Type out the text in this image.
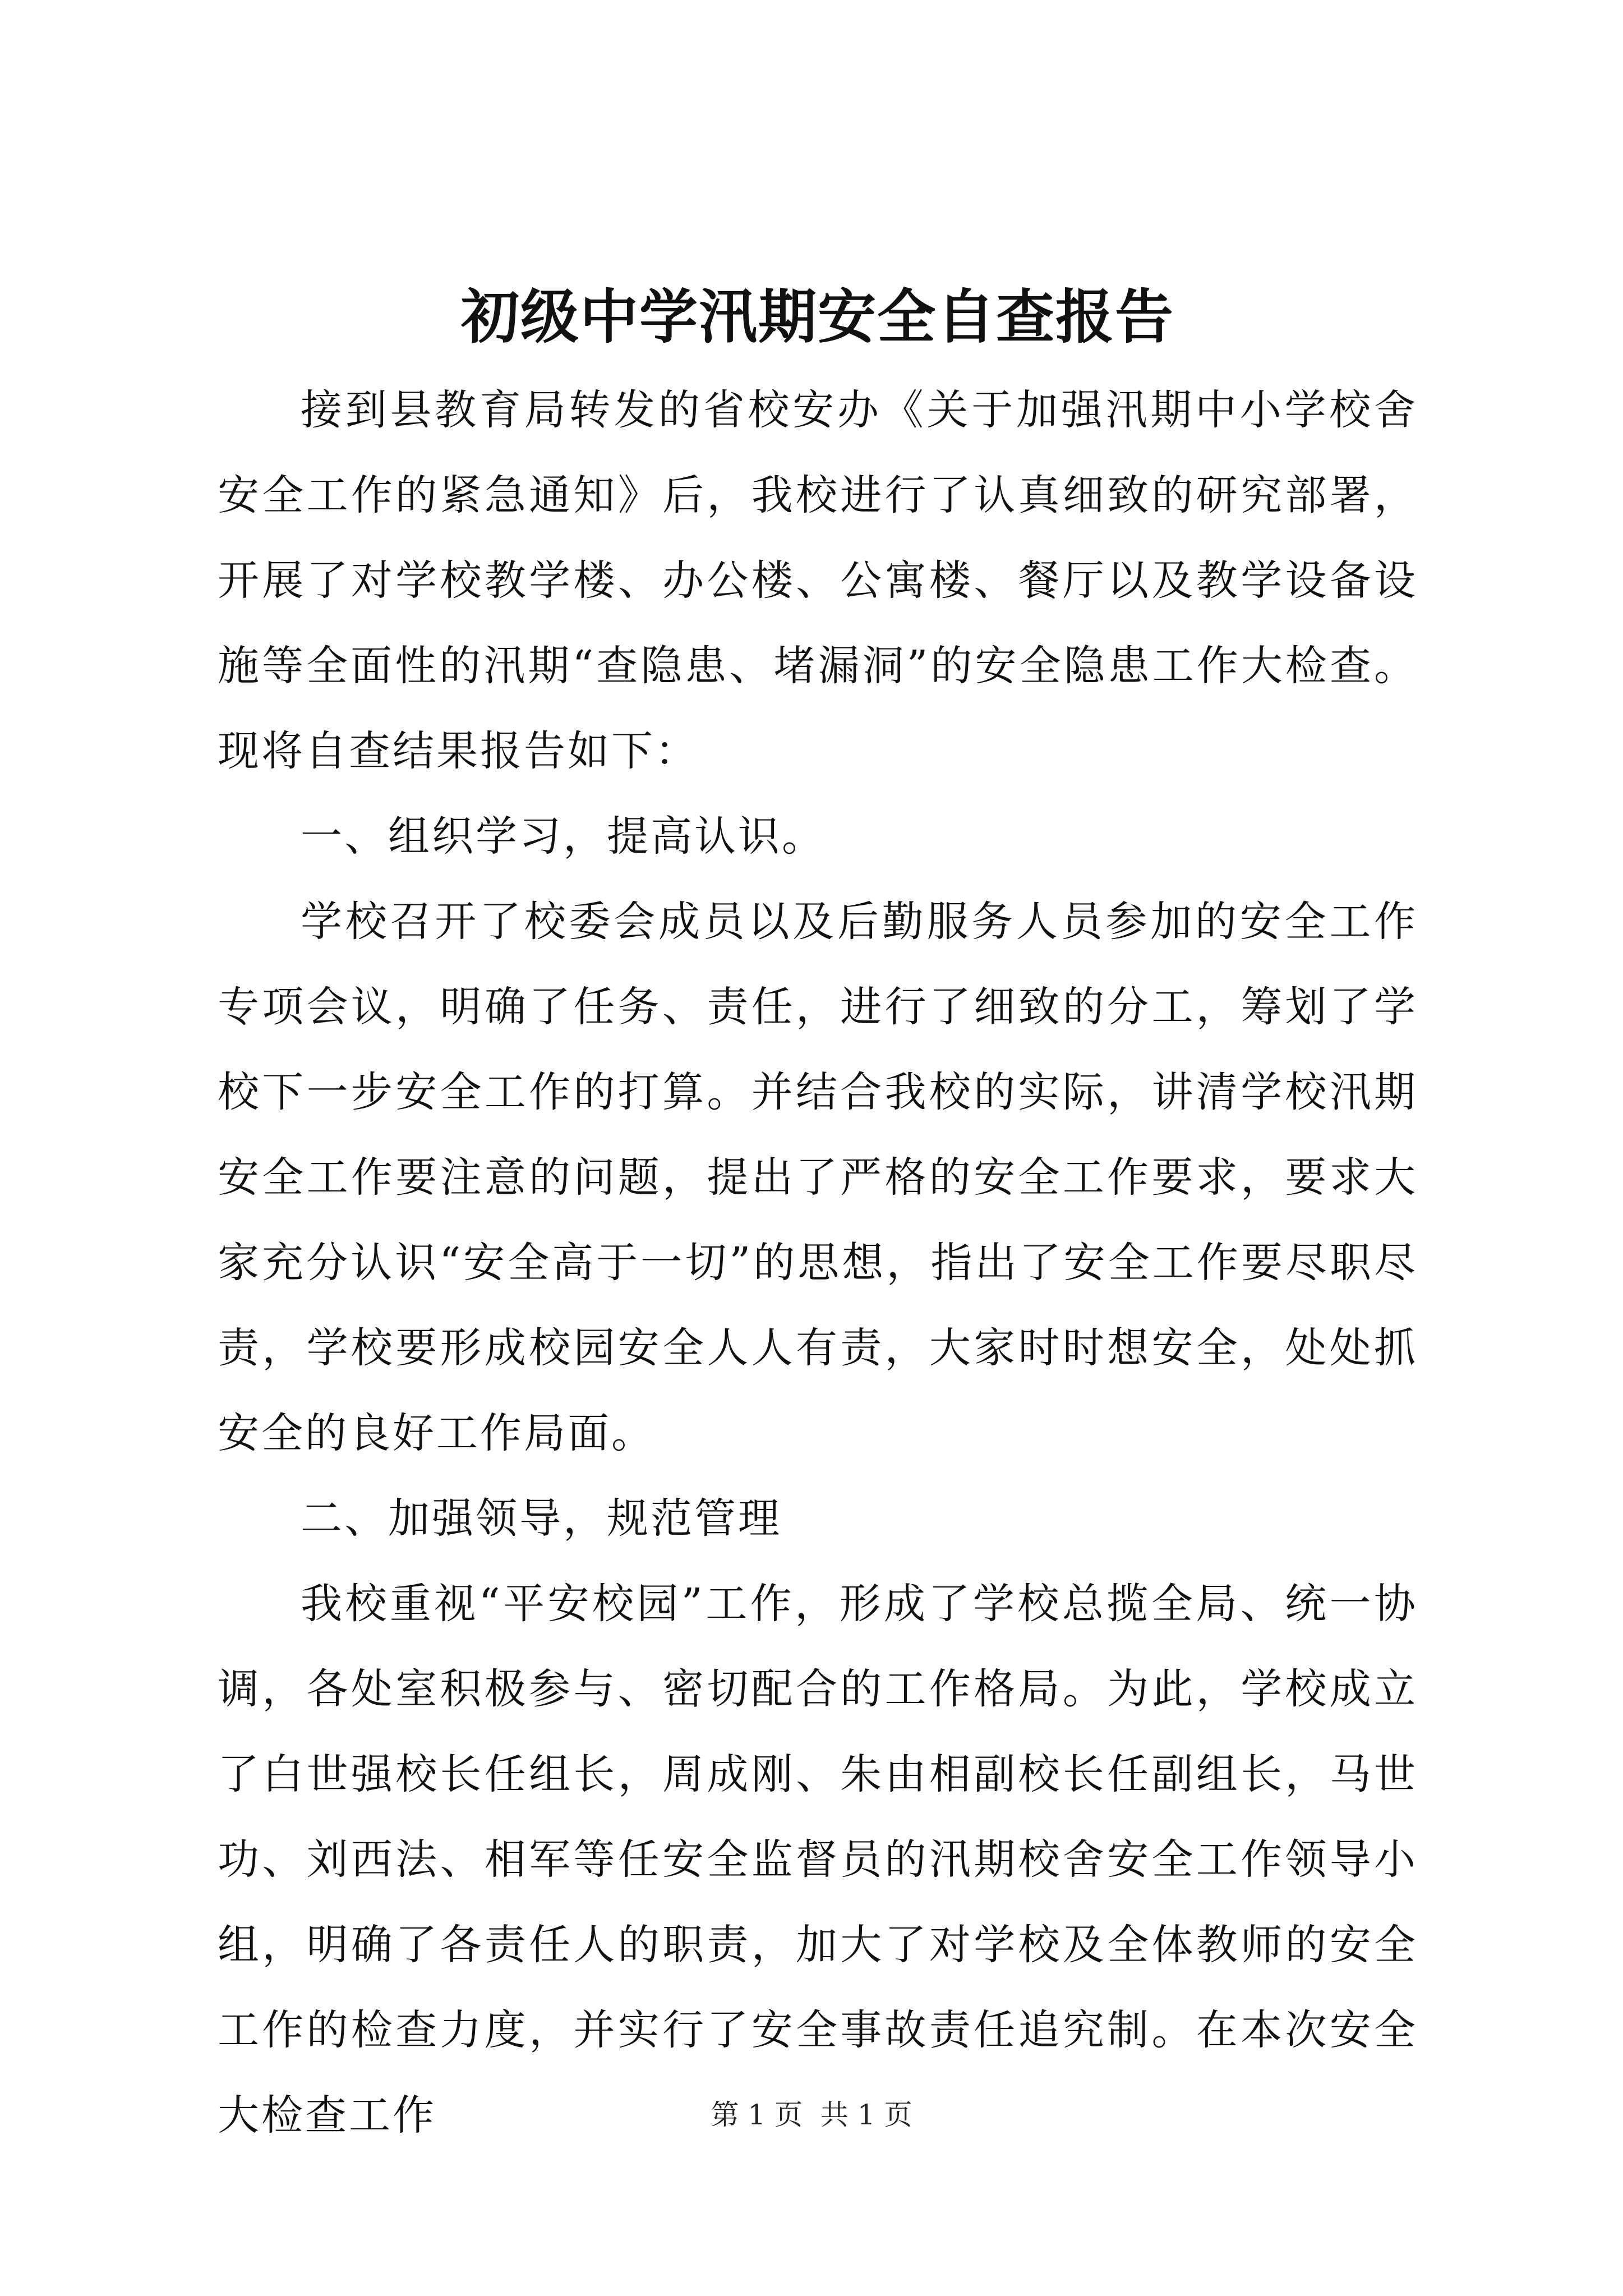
初级中学汛期安全自查报告

接到县教育局转发的省校安办《关于加强汛期中小学校舍安全工作的紧急通知》后，我校进行了认真细致的研究部署，开展了对学校教学楼、办公楼、公寓楼、餐厅以及教学设备设施等全面性的汛期“查隐患、堵漏洞”的安全隐患工作大检查。现将自查结果报告如下：

一、组织学习，提高认识。

学校召开了校委会成员以及后勤服务人员参加的安全工作专项会议，明确了任务、责任，进行了细致的分工，筹划了学校下一步安全工作的打算。并结合我校的实际，讲清学校汛期安全工作要注意的问题，提出了严格的安全工作要求，要求大家充分认识“安全高于一切”的思想，指出了安全工作要尽职尽责，学校要形成校园安全人人有责，大家时时想安全，处处抓安全的良好工作局面。

二、加强领导，规范管理

我校重视“平安校园”工作，形成了学校总揽全局、统一协调，各处室积极参与、密切配合的工作格局。为此，学校成立了白世强校长任组长，周成刚、朱由相副校长任副组长，马世功、刘西法、相军等任安全监督员的汛期校舍安全工作领导小组，明确了各责任人的职责，加大了对学校及全体教师的安全工作的检查力度，并实行了安全事故责任追究制。在本次安全大检查工作	第 1 页  共 1 页
